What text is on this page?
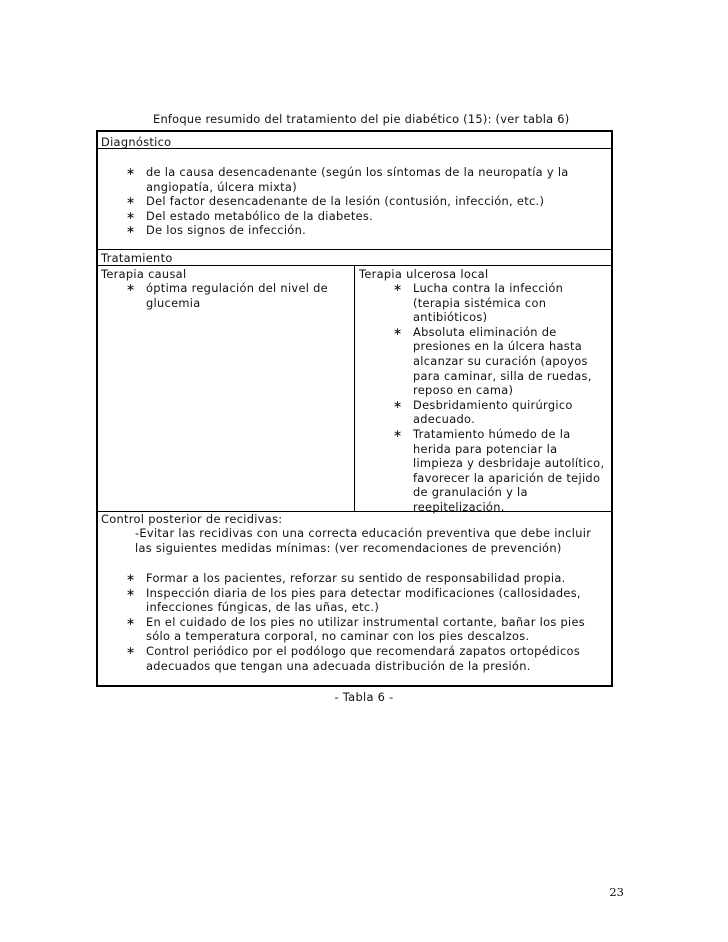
Enfoque resumido del tratamiento del pie diabético (15): (ver tabla 6)
Diagnóstico
∗ de la causa desencadenante (según los síntomas de la neuropatía y la angiopatía, úlcera mixta)
∗ Del factor desencadenante de la lesión (contusión, infección, etc.)
∗ Del estado metabólico de la diabetes.
∗ De los signos de infección.
Tratamiento
Terapia causal
∗ óptima regulación del nivel de glucemia
Terapia ulcerosa local
∗ Lucha contra la infección (terapia sistémica con antibióticos)
∗ Absoluta eliminación de presiones en la úlcera hasta alcanzar su curación (apoyos para caminar, silla de ruedas, reposo en cama)
∗ Desbridamiento quirúrgico adecuado.
∗ Tratamiento húmedo de la herida para potenciar la limpieza y desbridaje autolítico, favorecer la aparición de tejido de granulación y la reepitelización.
Control posterior de recidivas:
-Evitar las recidivas con una correcta educación preventiva que debe incluir las siguientes medidas mínimas: (ver recomendaciones de prevención)
∗ Formar a los pacientes, reforzar su sentido de responsabilidad propia.
∗ Inspección diaria de los pies para detectar modificaciones (callosidades, infecciones fúngicas, de las uñas, etc.)
∗ En el cuidado de los pies no utilizar instrumental cortante, bañar los pies sólo a temperatura corporal, no caminar con los pies descalzos.
∗ Control periódico por el podólogo que recomendará zapatos ortopédicos adecuados que tengan una adecuada distribución de la presión.
- Tabla 6 -
23
